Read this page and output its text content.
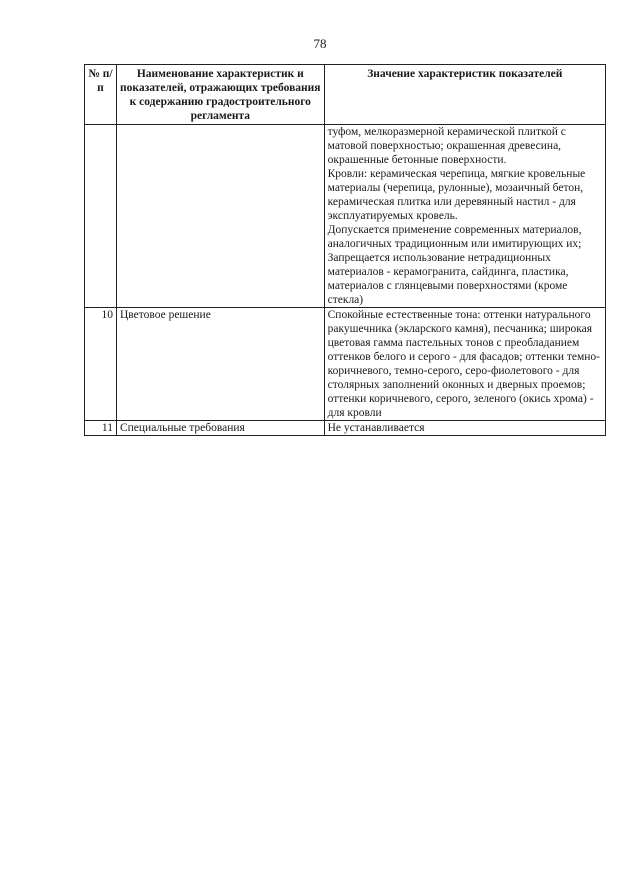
78
№ п/п	Наименование характеристик и показателей, отражающих требования к содержанию градостроительного регламента	Значение характеристик показателей

		туфом, мелкоразмерной керамической плиткой с матовой поверхностью; окрашенная древесина, окрашенные бетонные поверхности.
Кровли: керамическая черепица, мягкие кровельные материалы (черепица, рулонные), мозаичный бетон, керамическая плитка или деревянный настил - для эксплуатируемых кровель.
Допускается применение современных материалов, аналогичных традиционным или имитирующих их;
Запрещается использование нетрадиционных материалов - керамогранита, сайдинга, пластика, материалов с глянцевыми поверхностями (кроме стекла)

10	Цветовое решение	Спокойные естественные тона: оттенки натурального ракушечника (экларского камня), песчаника; широкая цветовая гамма пастельных тонов с преобладанием оттенков белого и серого - для фасадов; оттенки темно-коричневого, темно-серого, серо-фиолетового - для столярных заполнений оконных и дверных проемов; оттенки коричневого, серого, зеленого (окись хрома) - для кровли

11	Специальные требования	Не устанавливается
